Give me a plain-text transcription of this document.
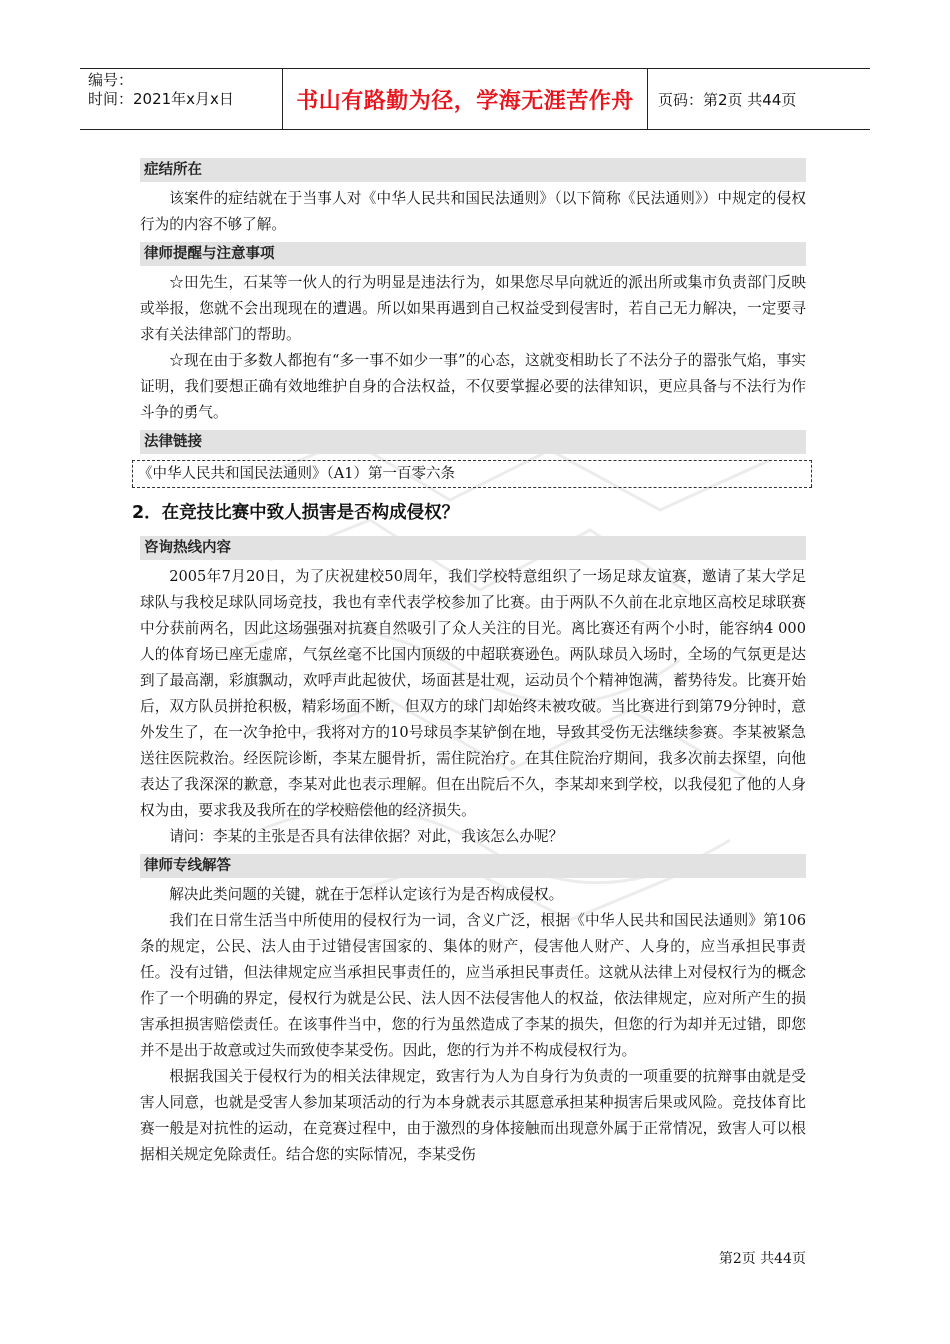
编号：
时间：2021年x月x日	书山有路勤为径，学海无涯苦作舟	页码：第2页 共44页
症结所在

该案件的症结就在于当事人对《中华人民共和国民法通则》（以下简称《民法通则》）中规定的侵权行为的内容不够了解。

律师提醒与注意事项

☆田先生，石某等一伙人的行为明显是违法行为，如果您尽早向就近的派出所或集市负责部门反映或举报，您就不会出现现在的遭遇。所以如果再遇到自己权益受到侵害时，若自己无力解决，一定要寻求有关法律部门的帮助。

☆现在由于多数人都抱有“多一事不如少一事”的心态，这就变相助长了不法分子的嚣张气焰，事实证明，我们要想正确有效地维护自身的合法权益，不仅要掌握必要的法律知识，更应具备与不法行为作斗争的勇气。

法律链接
《中华人民共和国民法通则》（A1）第一百零六条
2．在竞技比赛中致人损害是否构成侵权？
咨询热线内容

2005年7月20日，为了庆祝建校50周年，我们学校特意组织了一场足球友谊赛，邀请了某大学足球队与我校足球队同场竞技，我也有幸代表学校参加了比赛。由于两队不久前在北京地区高校足球联赛中分获前两名，因此这场强强对抗赛自然吸引了众人关注的目光。离比赛还有两个小时，能容纳4 000人的体育场已座无虚席，气氛丝毫不比国内顶级的中超联赛逊色。两队球员入场时，全场的气氛更是达到了最高潮，彩旗飘动，欢呼声此起彼伏，场面甚是壮观，运动员个个精神饱满，蓄势待发。比赛开始后，双方队员拼抢积极，精彩场面不断，但双方的球门却始终未被攻破。当比赛进行到第79分钟时，意外发生了，在一次争抢中，我将对方的10号球员李某铲倒在地，导致其受伤无法继续参赛。李某被紧急送往医院救治。经医院诊断，李某左腿骨折，需住院治疗。在其住院治疗期间，我多次前去探望，向他表达了我深深的歉意，李某对此也表示理解。但在出院后不久，李某却来到学校，以我侵犯了他的人身权为由，要求我及我所在的学校赔偿他的经济损失。

请问：李某的主张是否具有法律依据？对此，我该怎么办呢？

律师专线解答

解决此类问题的关键，就在于怎样认定该行为是否构成侵权。

我们在日常生活当中所使用的侵权行为一词，含义广泛，根据《中华人民共和国民法通则》第106条的规定，公民、法人由于过错侵害国家的、集体的财产，侵害他人财产、人身的，应当承担民事责任。没有过错，但法律规定应当承担民事责任的，应当承担民事责任。这就从法律上对侵权行为的概念作了一个明确的界定，侵权行为就是公民、法人因不法侵害他人的权益，依法律规定，应对所产生的损害承担损害赔偿责任。在该事件当中，您的行为虽然造成了李某的损失，但您的行为却并无过错，即您并不是出于故意或过失而致使李某受伤。因此，您的行为并不构成侵权行为。

根据我国关于侵权行为的相关法律规定，致害行为人为自身行为负责的一项重要的抗辩事由就是受害人同意，也就是受害人参加某项活动的行为本身就表示其愿意承担某种损害后果或风险。竞技体育比赛一般是对抗性的运动，在竞赛过程中，由于激烈的身体接触而出现意外属于正常情况，致害人可以根据相关规定免除责任。结合您的实际情况，李某受伤

第2页 共44页
